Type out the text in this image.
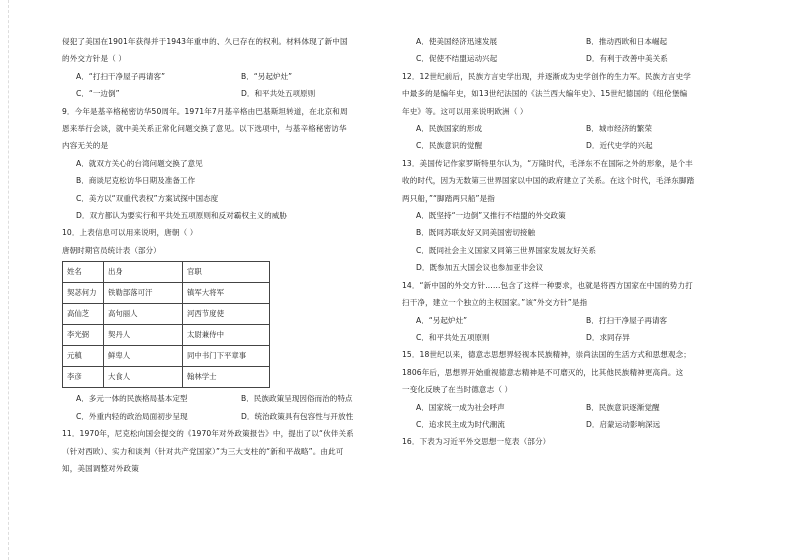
侵犯了美国在1901年获得并于1943年重申的、久已存在的权利。材料体现了新中国

的外交方针是（ ）

A．“打扫干净屋子再请客”	B．“另起炉灶”
C．“一边倒”	D．和平共处五项原则

9．今年是基辛格秘密访华50周年。1971年7月基辛格由巴基斯坦转道，在北京和周

恩来举行会谈，就中美关系正常化问题交换了意见。以下选项中，与基辛格秘密访华

内容无关的是

A．就双方关心的台湾问题交换了意见

B．商谈尼克松访华日期及准备工作

C．美方以“双重代表权”方案试探中国态度

D．双方都认为要实行和平共处五项原则和反对霸权主义的威胁

10．上表信息可以用来说明，唐朝（ ）

唐朝时期官员统计表（部分）

姓名	出身	官职
契苾何力	铁勒部落可汗	镇军大将军
高仙芝	高句丽人	河西节度使
李光弼	契丹人	太尉兼侍中
元稹	鲜卑人	同中书门下平章事
李彦	大食人	翰林学士
A．多元一体的民族格局基本定型	B．民族政策呈现因俗而治的特点
C．外重内轻的政治局面初步呈现	D．统治政策具有包容性与开放性

11．1970年，尼克松向国会提交的《1970年对外政策报告》中，提出了以“伙伴关系

（针对西欧）、实力和谈判（针对共产党国家）”为三大支柱的“新和平战略”。由此可

知，美国调整对外政策

A．使美国经济迅速发展	B．推动西欧和日本崛起
C．促使不结盟运动兴起	D．有利于改善中美关系

12．12世纪前后，民族方言史学出现，并逐渐成为史学创作的生力军。民族方言史学

中最多的是编年史，如13世纪法国的《法兰西大编年史》、15世纪德国的《纽伦堡编

年史》等。这可以用来说明欧洲（ ）

A．民族国家的形成	B．城市经济的繁荣
C．民族意识的觉醒	D．近代史学的兴起

13．美国传记作家罗斯特里尔认为，“万隆时代，毛泽东不在国际之外的形象，是个丰

收的时代，因为无数第三世界国家以中国的政府建立了关系。在这个时代，毛泽东脚踏

两只船，”“脚踏两只船”是指

A．既坚持“一边倒”又推行不结盟的外交政策

B．既同苏联友好又同美国密切接触

C．既同社会主义国家又同第三世界国家发展友好关系

D．既参加五大国会议也参加亚非会议

14．“新中国的外交方针……包含了这样一种要求，也就是将西方国家在中国的势力打

扫干净，建立一个独立的主权国家。”该“外交方针”是指

A．“另起炉灶”	B．打扫干净屋子再请客
C．和平共处五项原则	D．求同存异

15．18世纪以来，德意志思想界轻视本民族精神，崇尚法国的生活方式和思想观念；

1806年后，思想界开始重视德意志精神是不可磨灭的，比其他民族精神更高尚。这

一变化反映了在当时德意志（ ）

A．国家统一成为社会呼声	B．民族意识逐渐觉醒
C．追求民主成为时代潮流	D．启蒙运动影响深远

16．下表为习近平外交思想一览表（部分）
